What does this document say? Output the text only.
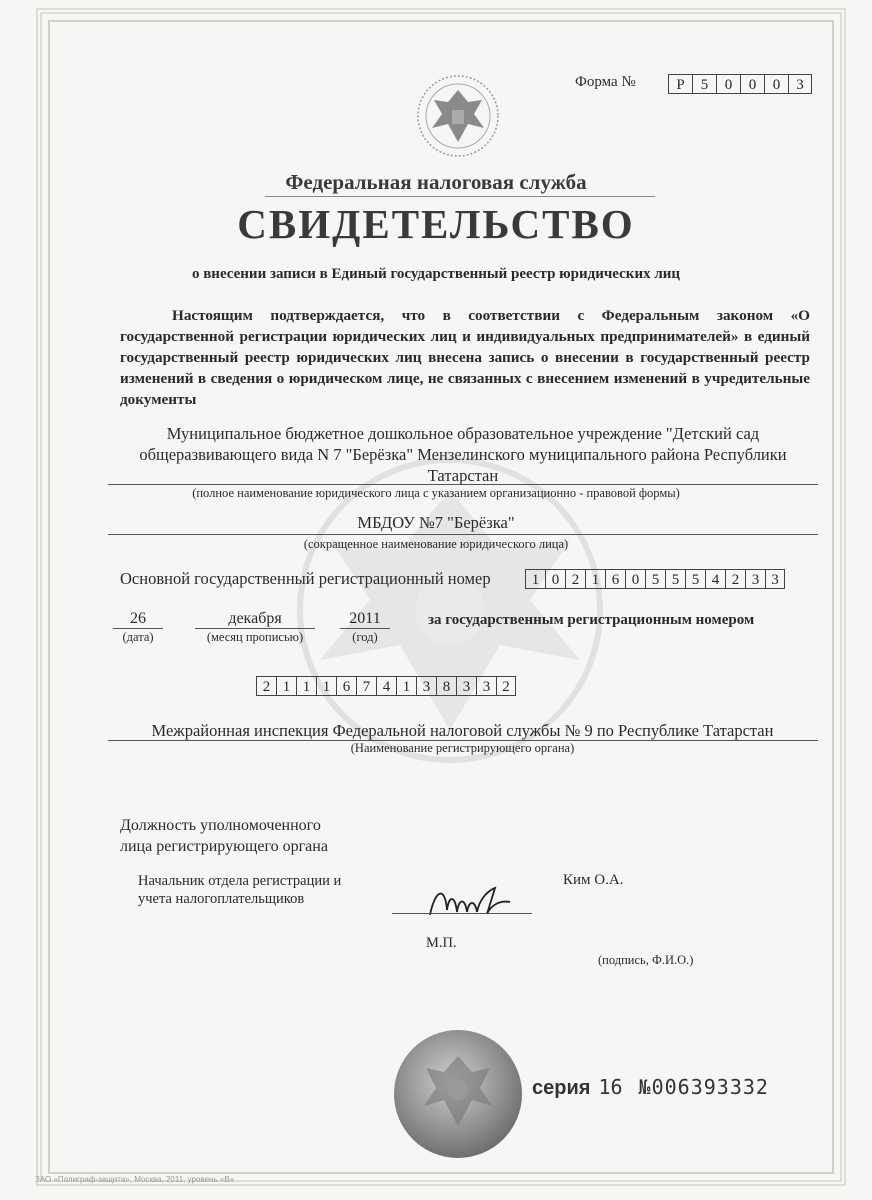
Форма №	Р	5	0	0	0	3
Федеральная налоговая служба
СВИДЕТЕЛЬСТВО
о внесении записи в Единый государственный реестр юридических лиц
Настоящим подтверждается, что в соответствии с Федеральным законом «О государственной регистрации юридических лиц и индивидуальных предпринимателей» в единый государственный реестр юридических лиц внесена запись о внесении в государственный реестр изменений в сведения о юридическом лице, не связанных с внесением изменений в учредительные документы
Муниципальное бюджетное дошкольное образовательное учреждение "Детский сад общеразвивающего вида N 7 "Берёзка" Мензелинского муниципального района Республики Татарстан
(полное наименование юридического лица с указанием организационно - правовой формы)
МБДОУ №7 "Берёзка"
(сокращенное наименование юридического лица)
Основной государственный регистрационный номер	1 0 2 1 6 0 5 5 5 4 2 3 3
26
(дата)
декабря
(месяц прописью)
2011
(год)
за государственным регистрационным номером
2 1 1 1 6 7 4 1 3 8 3 3 2
Межрайонная инспекция Федеральной налоговой службы № 9 по Республике Татарстан
(Наименование регистрирующего органа)
Должность уполномоченного
лица регистрирующего органа
Начальник отдела регистрации и
учета налогоплательщиков
Ким О.А.
М.П.
(подпись, Ф.И.О.)
серия 16 №006393332
ЗАО «Полиграф-защита», Москва, 2011, уровень «В»
